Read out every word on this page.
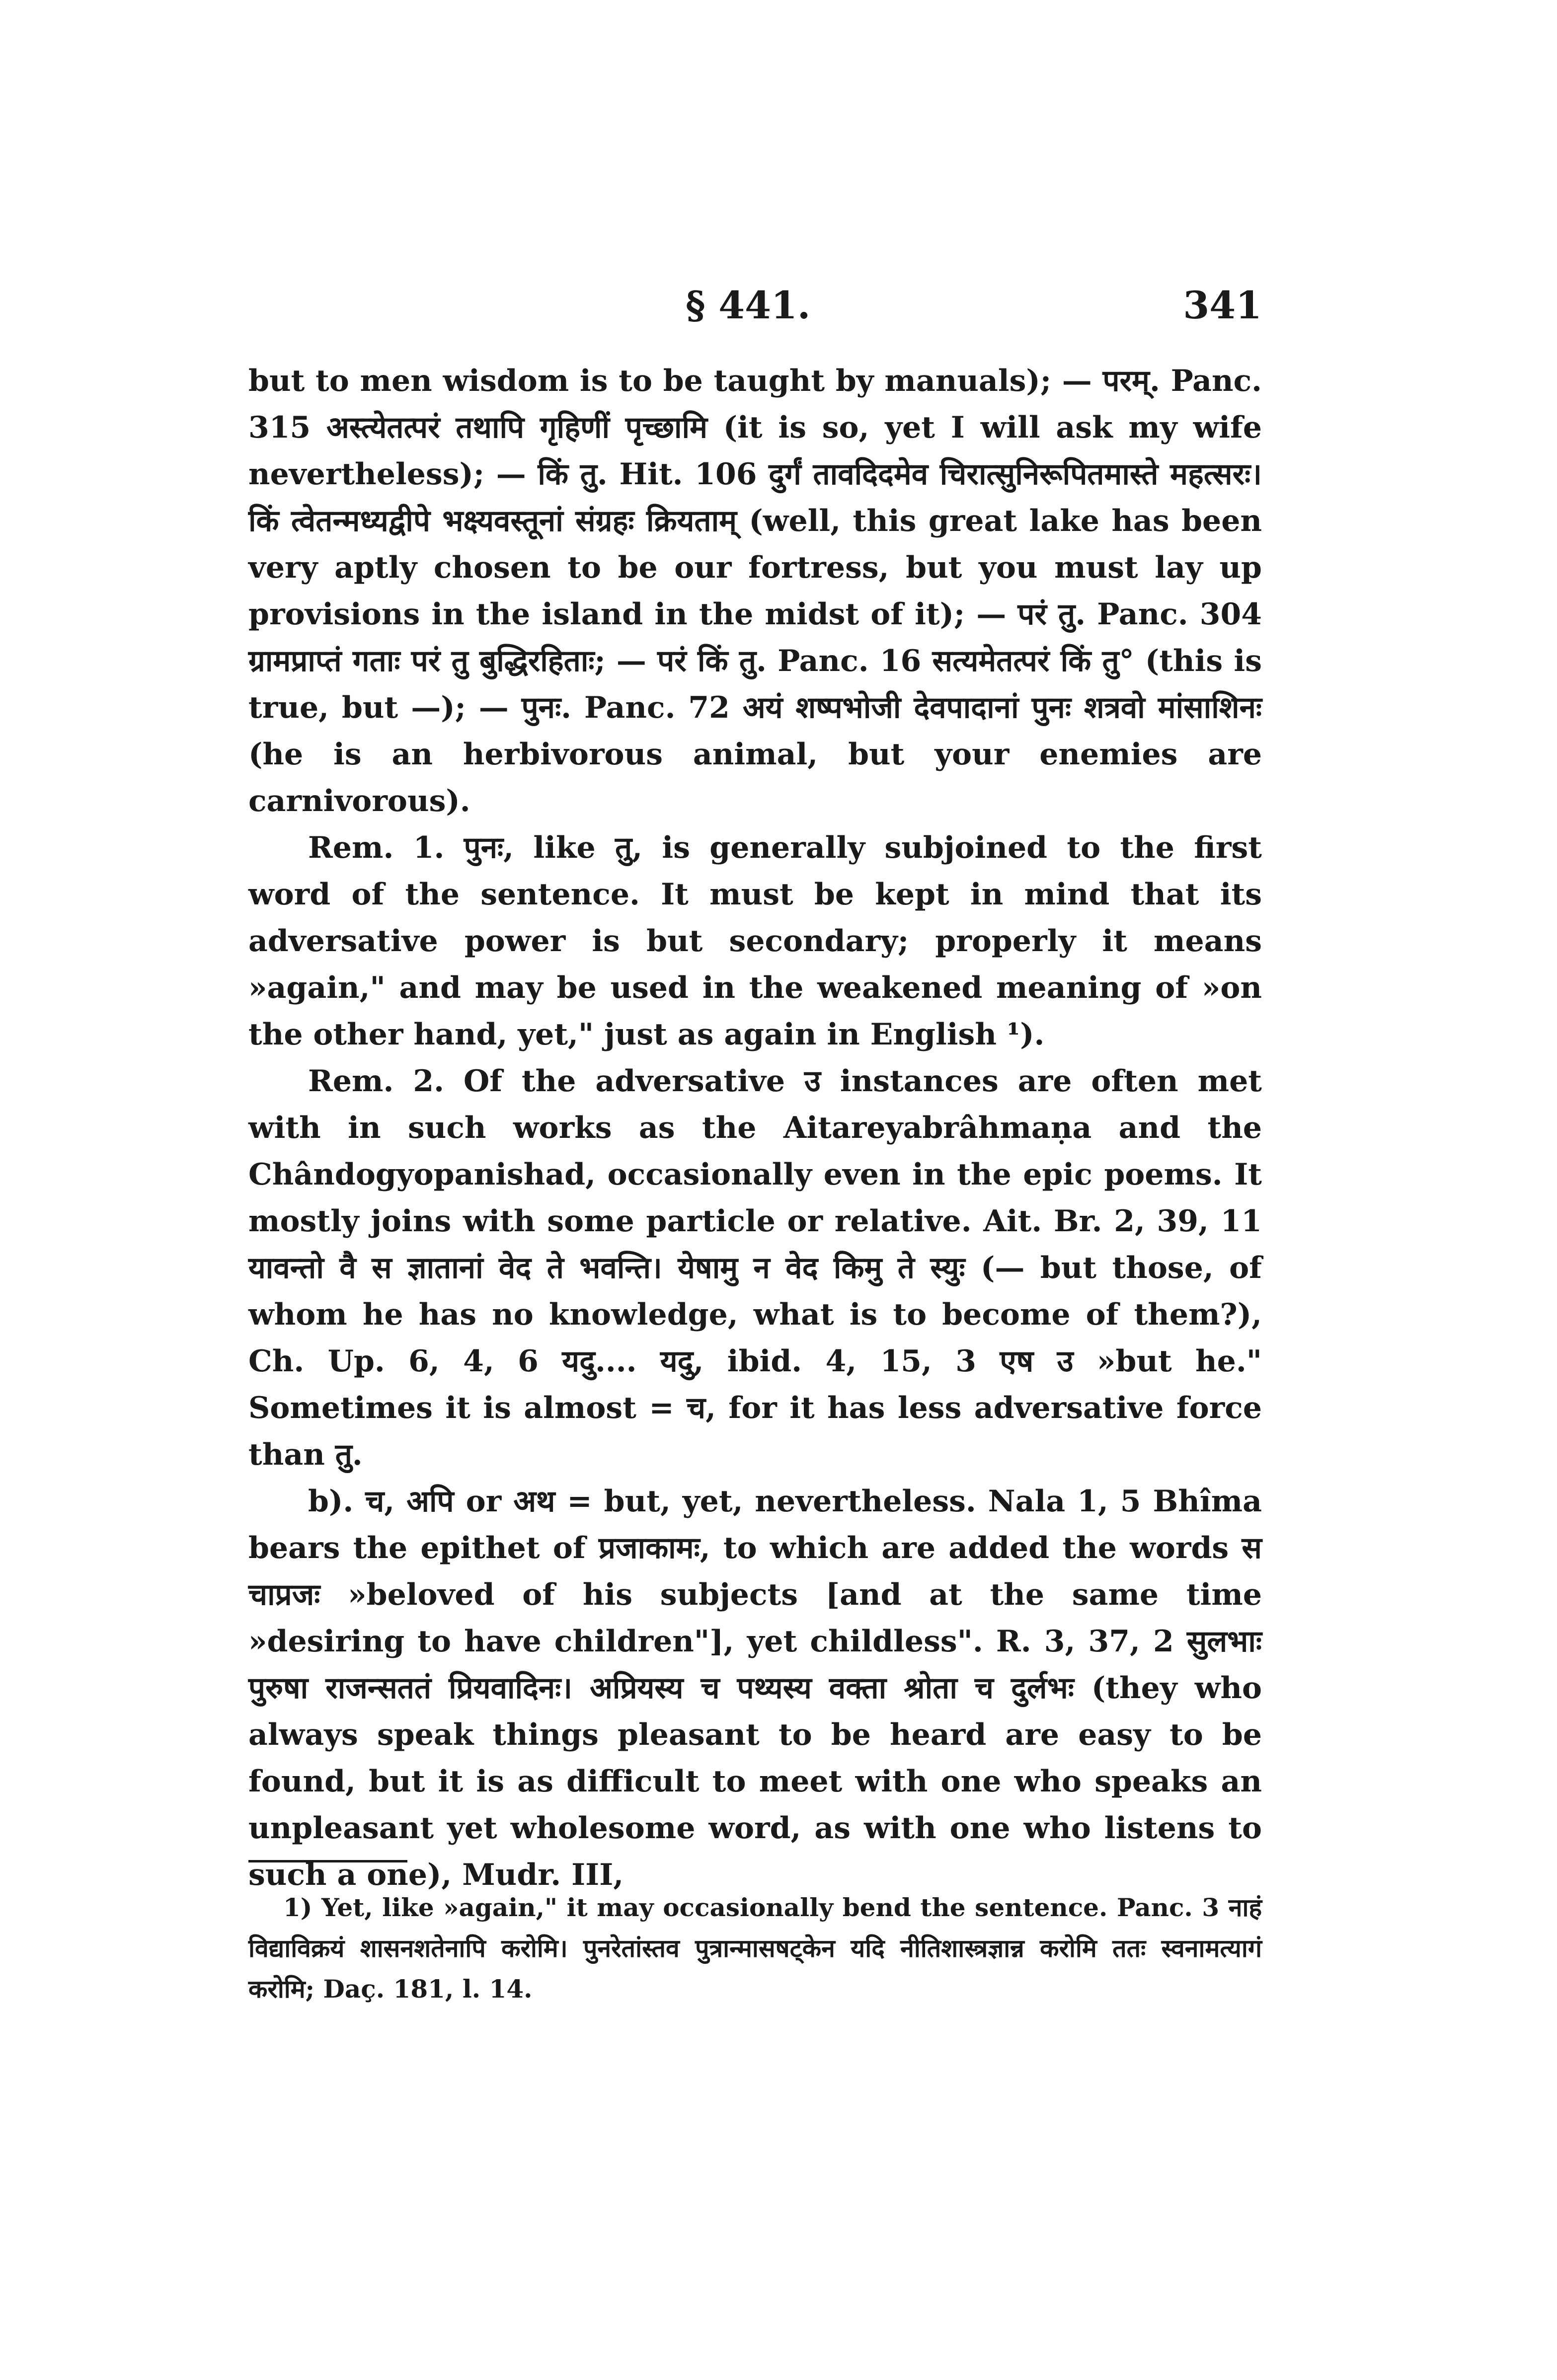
§ 441.	341

but to men wisdom is to be taught by manuals); — परम्. Panc. 315 अस्त्येतत्परं तथापि गृहिणीं पृच्छामि (it is so, yet I will ask my wife nevertheless); — किं तु. Hit. 106 दुर्गं तावदिदमेव चिरात्सुनिरूपितमास्ते महत्सरः। किं त्वेतन्मध्यद्वीपे भक्ष्यवस्तूनां संग्रहः क्रियताम् (well, this great lake has been very aptly chosen to be our fortress, but you must lay up provisions in the island in the midst of it); — परं तु. Panc. 304 ग्रामप्राप्तं गताः परं तु बुद्धिरहिताः; — परं किं तु. Panc. 16 सत्यमेतत्परं किं तु° (this is true, but —); — पुनः. Panc. 72 अयं शष्पभोजी देवपादानां पुनः शत्रवो मांसाशिनः (he is an herbivorous animal, but your enemies are carnivorous).

Rem. 1. पुनः, like तु, is generally subjoined to the first word of the sentence. It must be kept in mind that its adversative power is but secondary; properly it means »again," and may be used in the weakened meaning of »on the other hand, yet," just as again in English ¹).

Rem. 2. Of the adversative उ instances are often met with in such works as the Aitareyabrâhmaṇa and the Chândogyopanishad, occasionally even in the epic poems. It mostly joins with some particle or relative. Ait. Br. 2, 39, 11 यावन्तो वै स ज्ञातानां वेद ते भवन्ति। येषामु न वेद किमु ते स्युः (— but those, of whom he has no knowledge, what is to become of them?), Ch. Up. 6, 4, 6 यदु.... यदु, ibid. 4, 15, 3 एष उ »but he." Sometimes it is almost = च, for it has less adversative force than तु.

b). च, अपि or अथ = but, yet, nevertheless. Nala 1, 5 Bhîma bears the epithet of प्रजाकामः, to which are added the words स चाप्रजः »beloved of his subjects [and at the same time »desiring to have children"], yet childless". R. 3, 37, 2 सुलभाः पुरुषा राजन्सततं प्रियवादिनः। अप्रियस्य च पथ्यस्य वक्ता श्रोता च दुर्लभः (they who always speak things pleasant to be heard are easy to be found, but it is as difficult to meet with one who speaks an unpleasant yet wholesome word, as with one who listens to such a one), Mudr. III,

1) Yet, like »again," it may occasionally bend the sentence. Panc. 3 नाहं विद्याविक्रयं शासनशतेनापि करोमि। पुनरेतांस्तव पुत्रान्मासषट्केन यदि नीतिशास्त्रज्ञान्न करोमि ततः स्वनामत्यागं करोमि; Daç. 181, l. 14.
